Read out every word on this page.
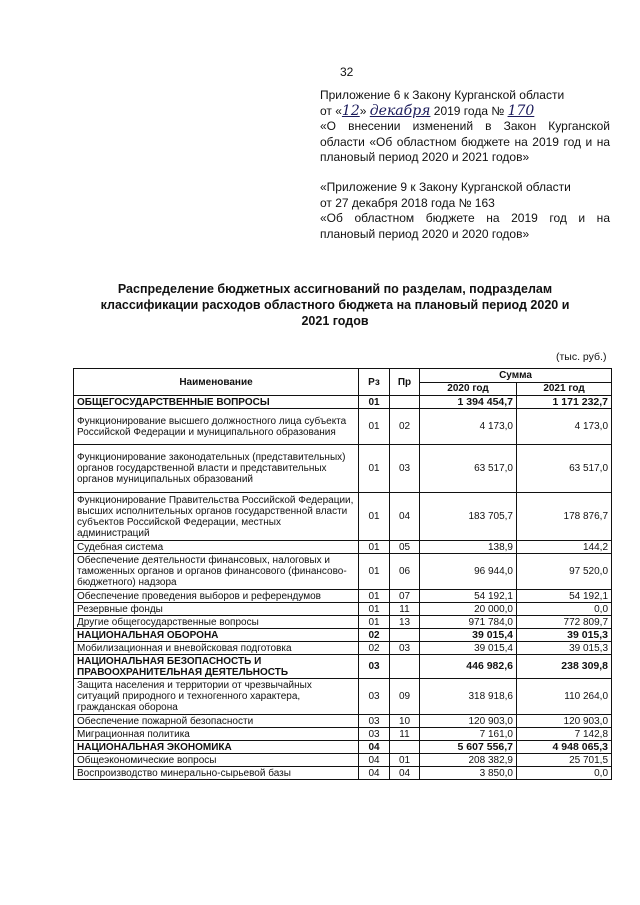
32

Приложение 6 к Закону Курганской области

от «12» декабря 2019 года № 170

«О внесении изменений в Закон Курганской области «Об областном бюджете на 2019 год и на плановый период 2020 и 2021 годов»

«Приложение 9 к Закону Курганской области

от 27 декабря 2018 года № 163

«Об областном бюджете на 2019 год и на плановый период 2020 и 2020 годов»

Распределение бюджетных ассигнований по разделам, подразделам классификации расходов областного бюджета на плановый период 2020 и 2021 годов
(тыс. руб.)
Наименование	Рз	Пр	Сумма	
			2020 год	2021 год
ОБЩЕГОСУДАРСТВЕННЫЕ ВОПРОСЫ	01		1 394 454,7	1 171 232,7
Функционирование высшего должностного лица субъекта Российской Федерации и муниципального образования	01	02	4 173,0	4 173,0
Функционирование законодательных (представительных) органов государственной власти и представительных органов муниципальных образований	01	03	63 517,0	63 517,0
Функционирование Правительства Российской Федерации, высших исполнительных органов государственной власти субъектов Российской Федерации, местных администраций	01	04	183 705,7	178 876,7
Судебная система	01	05	138,9	144,2
Обеспечение деятельности финансовых, налоговых и таможенных органов и органов финансового (финансово-бюджетного) надзора	01	06	96 944,0	97 520,0
Обеспечение проведения выборов и референдумов	01	07	54 192,1	54 192,1
Резервные фонды	01	11	20 000,0	0,0
Другие общегосударственные вопросы	01	13	971 784,0	772 809,7
НАЦИОНАЛЬНАЯ ОБОРОНА	02		39 015,4	39 015,3
Мобилизационная и вневойсковая подготовка	02	03	39 015,4	39 015,3
НАЦИОНАЛЬНАЯ БЕЗОПАСНОСТЬ И ПРАВООХРАНИТЕЛЬНАЯ ДЕЯТЕЛЬНОСТЬ	03		446 982,6	238 309,8
Защита населения и территории от чрезвычайных ситуаций природного и техногенного характера, гражданская оборона	03	09	318 918,6	110 264,0
Обеспечение пожарной безопасности	03	10	120 903,0	120 903,0
Миграционная политика	03	11	7 161,0	7 142,8
НАЦИОНАЛЬНАЯ ЭКОНОМИКА	04		5 607 556,7	4 948 065,3
Общеэкономические вопросы	04	01	208 382,9	25 701,5
Воспроизводство минерально-сырьевой базы	04	04	3 850,0	0,0
